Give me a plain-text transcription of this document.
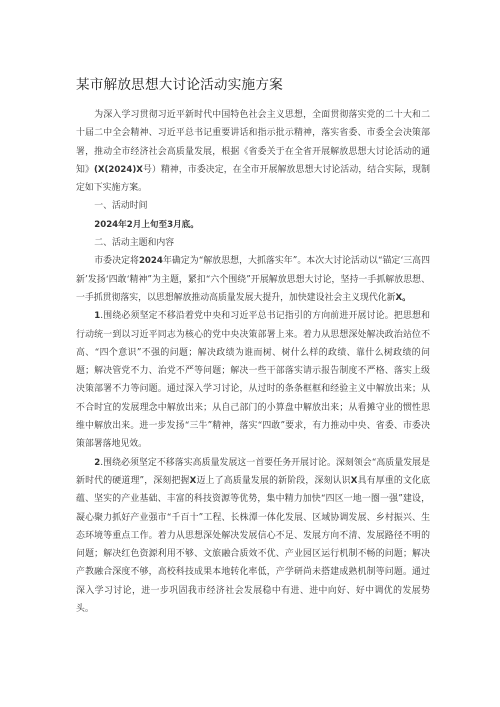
某市解放思想大讨论活动实施方案

为深入学习贯彻习近平新时代中国特色社会主义思想，全面贯彻落实党的二十大和二十届二中全会精神、习近平总书记重要讲话和指示批示精神，落实省委、市委全会决策部署，推动全市经济社会高质量发展，根据《省委关于在全省开展解放思想大讨论活动的通知》(X(2024)X号）精神，市委决定，在全市开展解放思想大讨论活动，结合实际，现制定如下实施方案。

一、活动时间

2024年2月上旬至3月底。

二、活动主题和内容

市委决定将2024年确定为“解放思想，大抓落实年”。本次大讨论活动以“锚定‘三高四新’发扬‘四敢‘精神”为主题，紧扣“六个围绕”开展解放思想大讨论，坚持一手抓解放思想、一手抓贯彻落实，以思想解放推动高质量发展大提升，加快建设社会主义现代化新X。

1.围绕必须坚定不移沿着党中央和习近平总书记指引的方向前进开展讨论。把思想和行动统一到以习近平同志为核心的党中央决策部署上来。着力从思想深处解决政治站位不高、“四个意识”不强的问题；解决政绩为谁而树、树什么样的政绩、靠什么树政绩的问题；解决管党不力、治党不严等问题；解决一些干部落实请示报告制度不严格、落实上级决策部署不力等问题。通过深入学习讨论，从过时的条条框框和经验主义中解放出来；从不合时宜的发展理念中解放出来；从自己部门的小算盘中解放出来；从看摊守业的惯性思维中解放出来。进一步发扬“三牛”精神，落实“四敢”要求，有力推动中央、省委、市委决策部署落地见效。

2.围绕必须坚定不移落实高质量发展这一首要任务开展讨论。深刻领会“高质量发展是新时代的硬道理”，深刻把握X迈上了高质量发展的新阶段，深刻认识X具有厚重的文化底蕴、坚实的产业基础、丰富的科技资源等优势，集中精力加快“四区一地一圈一强”建设，凝心聚力抓好产业强市“千百十”工程、长株潭一体化发展、区域协调发展、乡村振兴、生态环境等重点工作。着力从思想深处解决发展信心不足、发展方向不清、发展路径不明的问题；解决红色资源利用不够、文旅融合质效不优、产业园区运行机制不畅的问题；解决产教融合深度不够，高校科技成果本地转化率低，产学研尚未搭建成熟机制等问题。通过深入学习讨论，进一步巩固我市经济社会发展稳中有进、进中向好、好中调优的发展势头。
